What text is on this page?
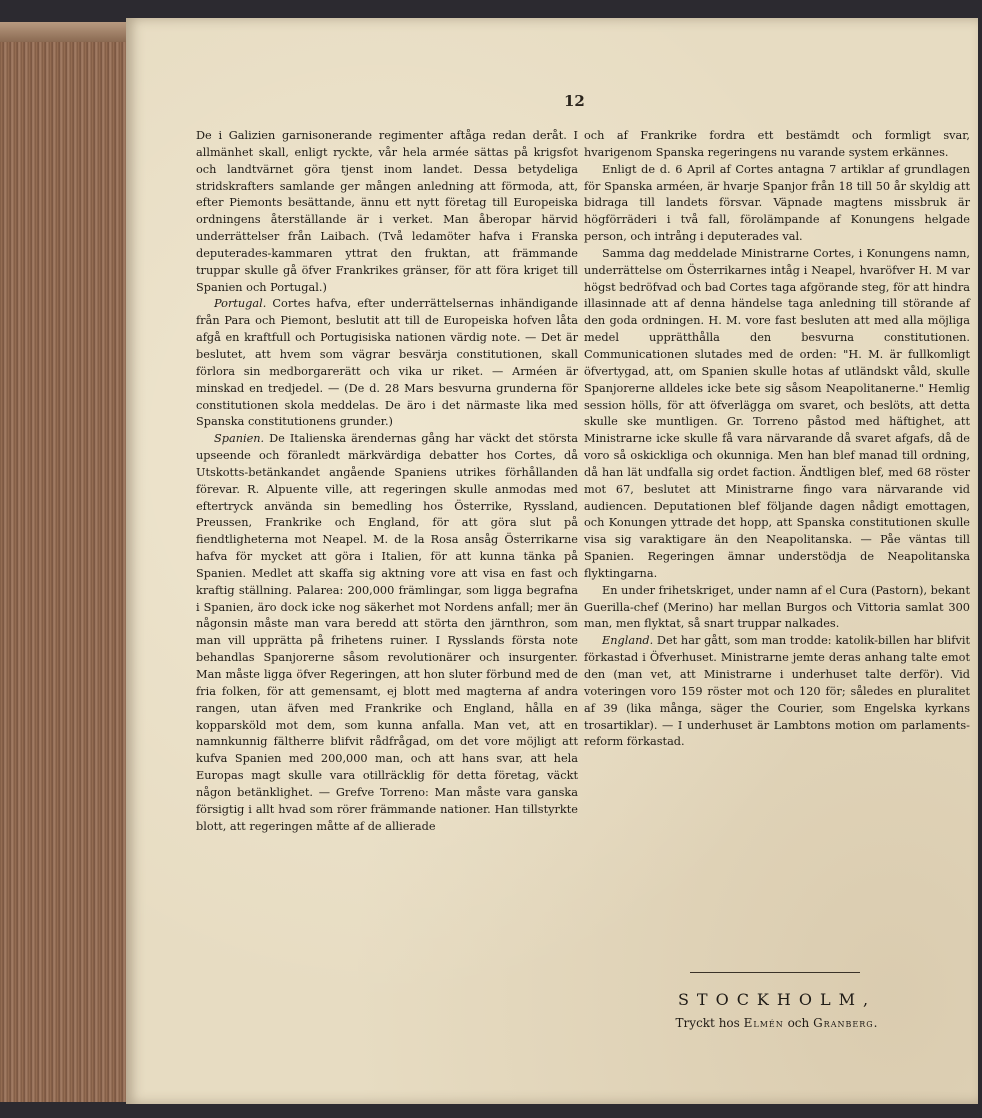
12

De i Galizien garnisonerande regimenter aftåga redan deråt. I allmänhet skall, enligt ryckte, vår hela armée sättas på krigsfot och landtvärnet göra tjenst inom landet. Dessa betydeliga stridskrafters samlande ger mången anledning att förmoda, att, efter Piemonts besättande, ännu ett nytt företag till Europeiska ordningens återställande är i verket. Man åberopar härvid underrättelser från Laibach. (Två ledamöter hafva i Franska deputerades-kammaren yttrat den fruktan, att främmande truppar skulle gå öfver Frankrikes gränser, för att föra kriget till Spanien och Portugal.)

Portugal. Cortes hafva, efter underrättelsernas inhändigande från Para och Piemont, beslutit att till de Europeiska hofven låta afgå en kraftfull och Portugisiska nationen värdig note. — Det är beslutet, att hvem som vägrar besvärja constitutionen, skall förlora sin medborgarerätt och vika ur riket. — Arméen är minskad en tredjedel. — (De d. 28 Mars besvurna grunderna för constitutionen skola meddelas. De äro i det närmaste lika med Spanska constitutionens grunder.)

Spanien. De Italienska ärendernas gång har väckt det största upseende och föranledt märkvärdiga debatter hos Cortes, då Utskotts-betänkandet angående Spaniens utrikes förhållanden förevar. R. Alpuente ville, att regeringen skulle anmodas med eftertryck använda sin bemedling hos Österrike, Ryssland, Preussen, Frankrike och England, för att göra slut på fiendtligheterna mot Neapel. M. de la Rosa ansåg Österrikarne hafva för mycket att göra i Italien, för att kunna tänka på Spanien. Medlet att skaffa sig aktning vore att visa en fast och kraftig ställning. Palarea: 200,000 främlingar, som ligga begrafna i Spanien, äro dock icke nog säkerhet mot Nordens anfall; mer än någonsin måste man vara beredd att störta den järnthron, som man vill upprätta på frihetens ruiner. I Rysslands första note behandlas Spanjorerne såsom revolutionärer och insurgenter. Man måste ligga öfver Regeringen, att hon sluter förbund med de fria folken, för att gemensamt, ej blott med magterna af andra rangen, utan äfven med Frankrike och England, hålla en kopparsköld mot dem, som kunna anfalla. Man vet, att en namnkunnig fältherre blifvit rådfrågad, om det vore möjligt att kufva Spanien med 200,000 man, och att hans svar, att hela Europas magt skulle vara otillräcklig för detta företag, väckt någon betänklighet. — Grefve Torreno: Man måste vara ganska försigtig i allt hvad som rörer främmande nationer. Han tillstyrkte blott, att regeringen måtte af de allierade

och af Frankrike fordra ett bestämdt och formligt svar, hvarigenom Spanska regeringens nu varande system erkännes.

Enligt de d. 6 April af Cortes antagna 7 artiklar af grundlagen för Spanska arméen, är hvarje Spanjor från 18 till 50 år skyldig att bidraga till landets försvar. Väpnade magtens missbruk är högförräderi i två fall, förolämpande af Konungens helgade person, och intrång i deputerades val.

Samma dag meddelade Ministrarne Cortes, i Konungens namn, underrättelse om Österrikarnes intåg i Neapel, hvaröfver H. M var högst bedröfvad och bad Cortes taga afgörande steg, för att hindra illasinnade att af denna händelse taga anledning till störande af den goda ordningen. H. M. vore fast besluten att med alla möjliga medel upprätthålla den besvurna constitutionen. Communicationen slutades med de orden: "H. M. är fullkomligt öfvertygad, att, om Spanien skulle hotas af utländskt våld, skulle Spanjorerne alldeles icke bete sig såsom Neapolitanerne." Hemlig session hölls, för att öfverlägga om svaret, och beslöts, att detta skulle ske muntligen. Gr. Torreno påstod med häftighet, att Ministrarne icke skulle få vara närvarande då svaret afgafs, då de voro så oskickliga och okunniga. Men han blef manad till ordning, då han lät undfalla sig ordet faction. Ändtligen blef, med 68 röster mot 67, beslutet att Ministrarne fingo vara närvarande vid audiencen. Deputationen blef följande dagen nådigt emottagen, och Konungen yttrade det hopp, att Spanska constitutionen skulle visa sig varaktigare än den Neapolitanska. — Påe väntas till Spanien. Regeringen ämnar understödja de Neapolitanska flyktingarna.

En under frihetskriget, under namn af el Cura (Pastorn), bekant Guerilla-chef (Merino) har mellan Burgos och Vittoria samlat 300 man, men flyktat, så snart truppar nalkades.

England. Det har gått, som man trodde: katolik-billen har blifvit förkastad i Öfverhuset. Ministrarne jemte deras anhang talte emot den (man vet, att Ministrarne i underhuset talte derför). Vid voteringen voro 159 röster mot och 120 för; således en pluralitet af 39 (lika många, säger the Courier, som Engelska kyrkans trosartiklar). — I underhuset är Lambtons motion om parlaments-reform förkastad.

STOCKHOLM,
Tryckt hos Elmén och Granberg.
